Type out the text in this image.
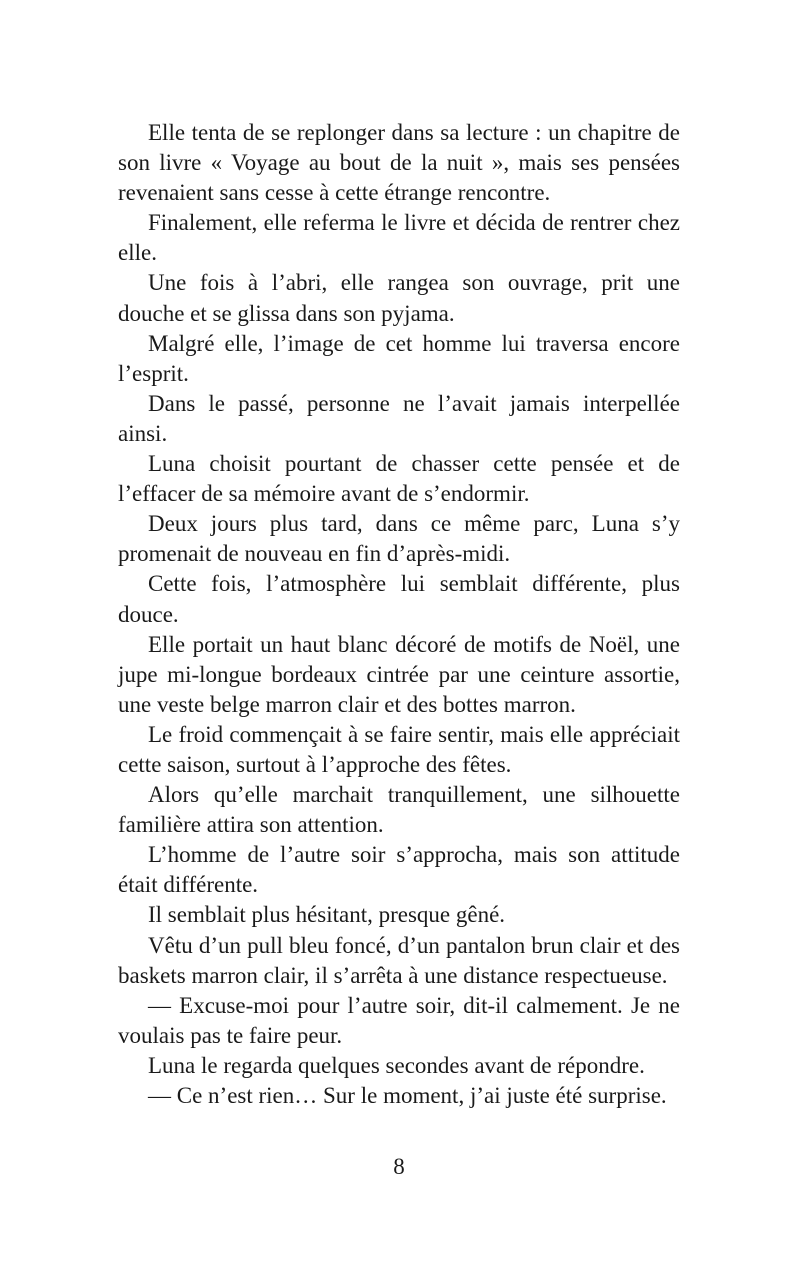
Elle tenta de se replonger dans sa lecture : un chapitre de son livre « Voyage au bout de la nuit », mais ses pensées revenaient sans cesse à cette étrange rencontre.

Finalement, elle referma le livre et décida de rentrer chez elle.

Une fois à l’abri, elle rangea son ouvrage, prit une douche et se glissa dans son pyjama.

Malgré elle, l’image de cet homme lui traversa encore l’esprit.

Dans le passé, personne ne l’avait jamais interpellée ainsi.

Luna choisit pourtant de chasser cette pensée et de l’effacer de sa mémoire avant de s’endormir.

Deux jours plus tard, dans ce même parc, Luna s’y promenait de nouveau en fin d’après-midi.

Cette fois, l’atmosphère lui semblait différente, plus douce.

Elle portait un haut blanc décoré de motifs de Noël, une jupe mi-longue bordeaux cintrée par une ceinture assortie, une veste belge marron clair et des bottes marron.

Le froid commençait à se faire sentir, mais elle appréciait cette saison, surtout à l’approche des fêtes.

Alors qu’elle marchait tranquillement, une silhouette familière attira son attention.

L’homme de l’autre soir s’approcha, mais son attitude était différente.

Il semblait plus hésitant, presque gêné.

Vêtu d’un pull bleu foncé, d’un pantalon brun clair et des baskets marron clair, il s’arrêta à une distance respectueuse.

— Excuse-moi pour l’autre soir, dit-il calmement. Je ne voulais pas te faire peur.

Luna le regarda quelques secondes avant de répondre.

— Ce n’est rien… Sur le moment, j’ai juste été surprise.

8
